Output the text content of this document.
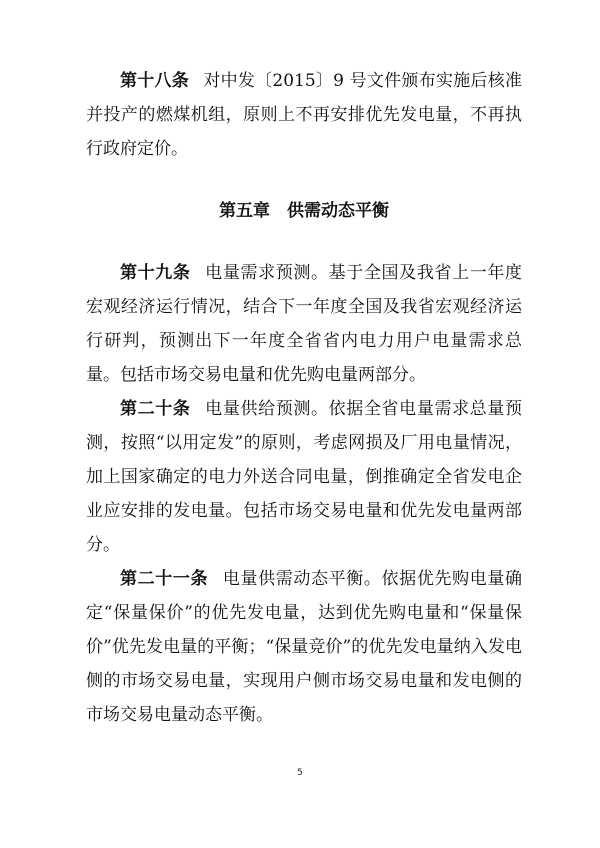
第十八条 对中发〔2015〕9 号文件颁布实施后核准并投产的燃煤机组，原则上不再安排优先发电量，不再执行政府定价。

第五章　供需动态平衡

第十九条 电量需求预测。基于全国及我省上一年度宏观经济运行情况，结合下一年度全国及我省宏观经济运行研判，预测出下一年度全省省内电力用户电量需求总量。包括市场交易电量和优先购电量两部分。

第二十条 电量供给预测。依据全省电量需求总量预测，按照“以用定发”的原则，考虑网损及厂用电量情况，加上国家确定的电力外送合同电量，倒推确定全省发电企业应安排的发电量。包括市场交易电量和优先发电量两部分。

第二十一条 电量供需动态平衡。依据优先购电量确定“保量保价”的优先发电量，达到优先购电量和“保量保价”优先发电量的平衡；“保量竞价”的优先发电量纳入发电侧的市场交易电量，实现用户侧市场交易电量和发电侧的市场交易电量动态平衡。

5
